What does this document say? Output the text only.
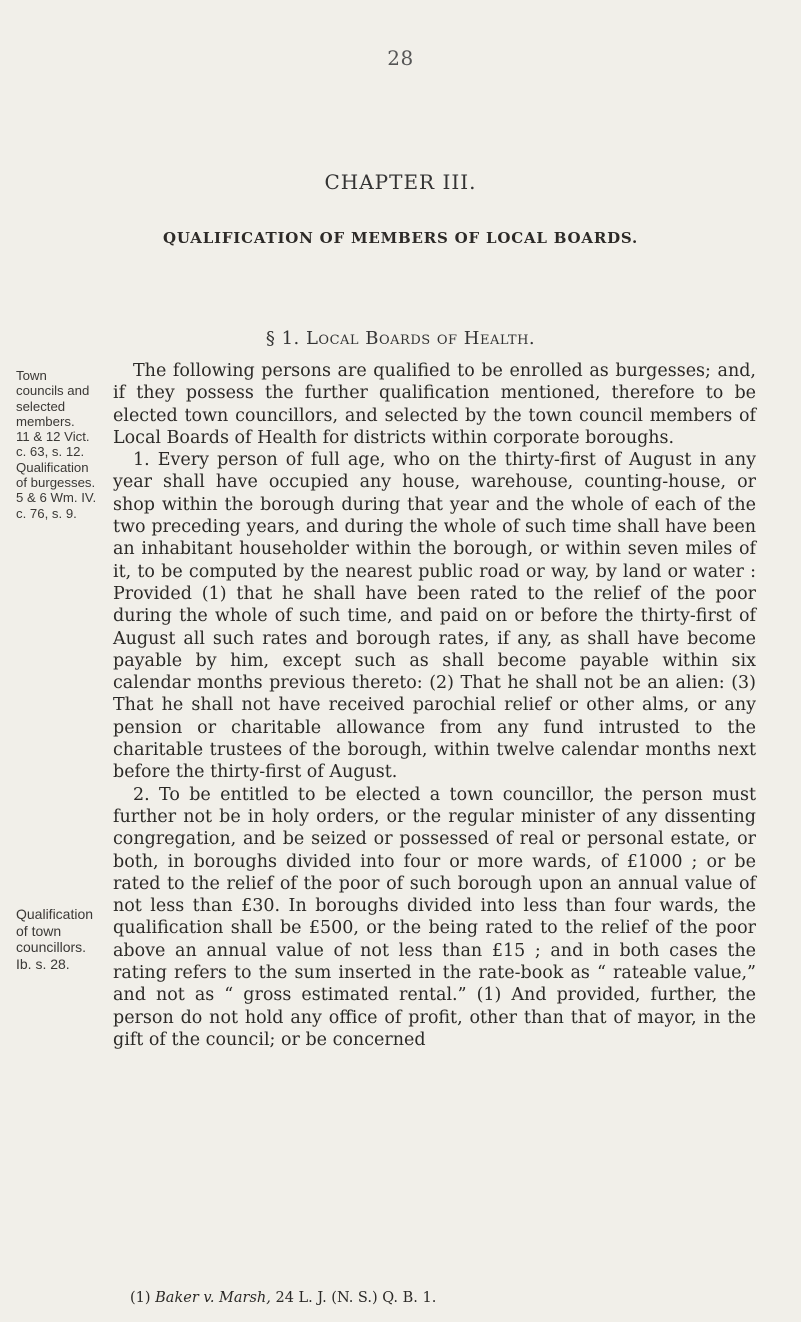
28
CHAPTER III.
QUALIFICATION OF MEMBERS OF LOCAL BOARDS.
§ 1. Local Boards of Health.
Town
councils and
selected
members.
11 & 12 Vict.
c. 63, s. 12.
Qualification
of burgesses.
5 & 6 Wm. IV.
c. 76, s. 9.
Qualification
of town
councillors.
Ib. s. 28.

The following persons are qualified to be enrolled as burgesses; and, if they possess the further qualification mentioned, therefore to be elected town councillors, and selected by the town council members of Local Boards of Health for districts within corporate boroughs.

1. Every person of full age, who on the thirty-first of August in any year shall have occupied any house, warehouse, counting-house, or shop within the borough during that year and the whole of each of the two preceding years, and during the whole of such time shall have been an inhabitant householder within the borough, or within seven miles of it, to be computed by the nearest public road or way, by land or water : Provided (1) that he shall have been rated to the relief of the poor during the whole of such time, and paid on or before the thirty-first of August all such rates and borough rates, if any, as shall have become payable by him, except such as shall become payable within six calendar months previous thereto: (2) That he shall not be an alien: (3) That he shall not have received parochial relief or other alms, or any pension or charitable allowance from any fund intrusted to the charitable trustees of the borough, within twelve calendar months next before the thirty-first of August.

2. To be entitled to be elected a town councillor, the person must further not be in holy orders, or the regular minister of any dissenting congregation, and be seized or possessed of real or personal estate, or both, in boroughs divided into four or more wards, of £1000 ; or be rated to the relief of the poor of such borough upon an annual value of not less than £30. In boroughs divided into less than four wards, the qualification shall be £500, or the being rated to the relief of the poor above an annual value of not less than £15 ; and in both cases the rating refers to the sum inserted in the rate-book as “ rateable value,” and not as “ gross estimated rental.” (1) And provided, further, the person do not hold any office of profit, other than that of mayor, in the gift of the council; or be concerned

(1) Baker v. Marsh, 24 L. J. (N. S.) Q. B. 1.
